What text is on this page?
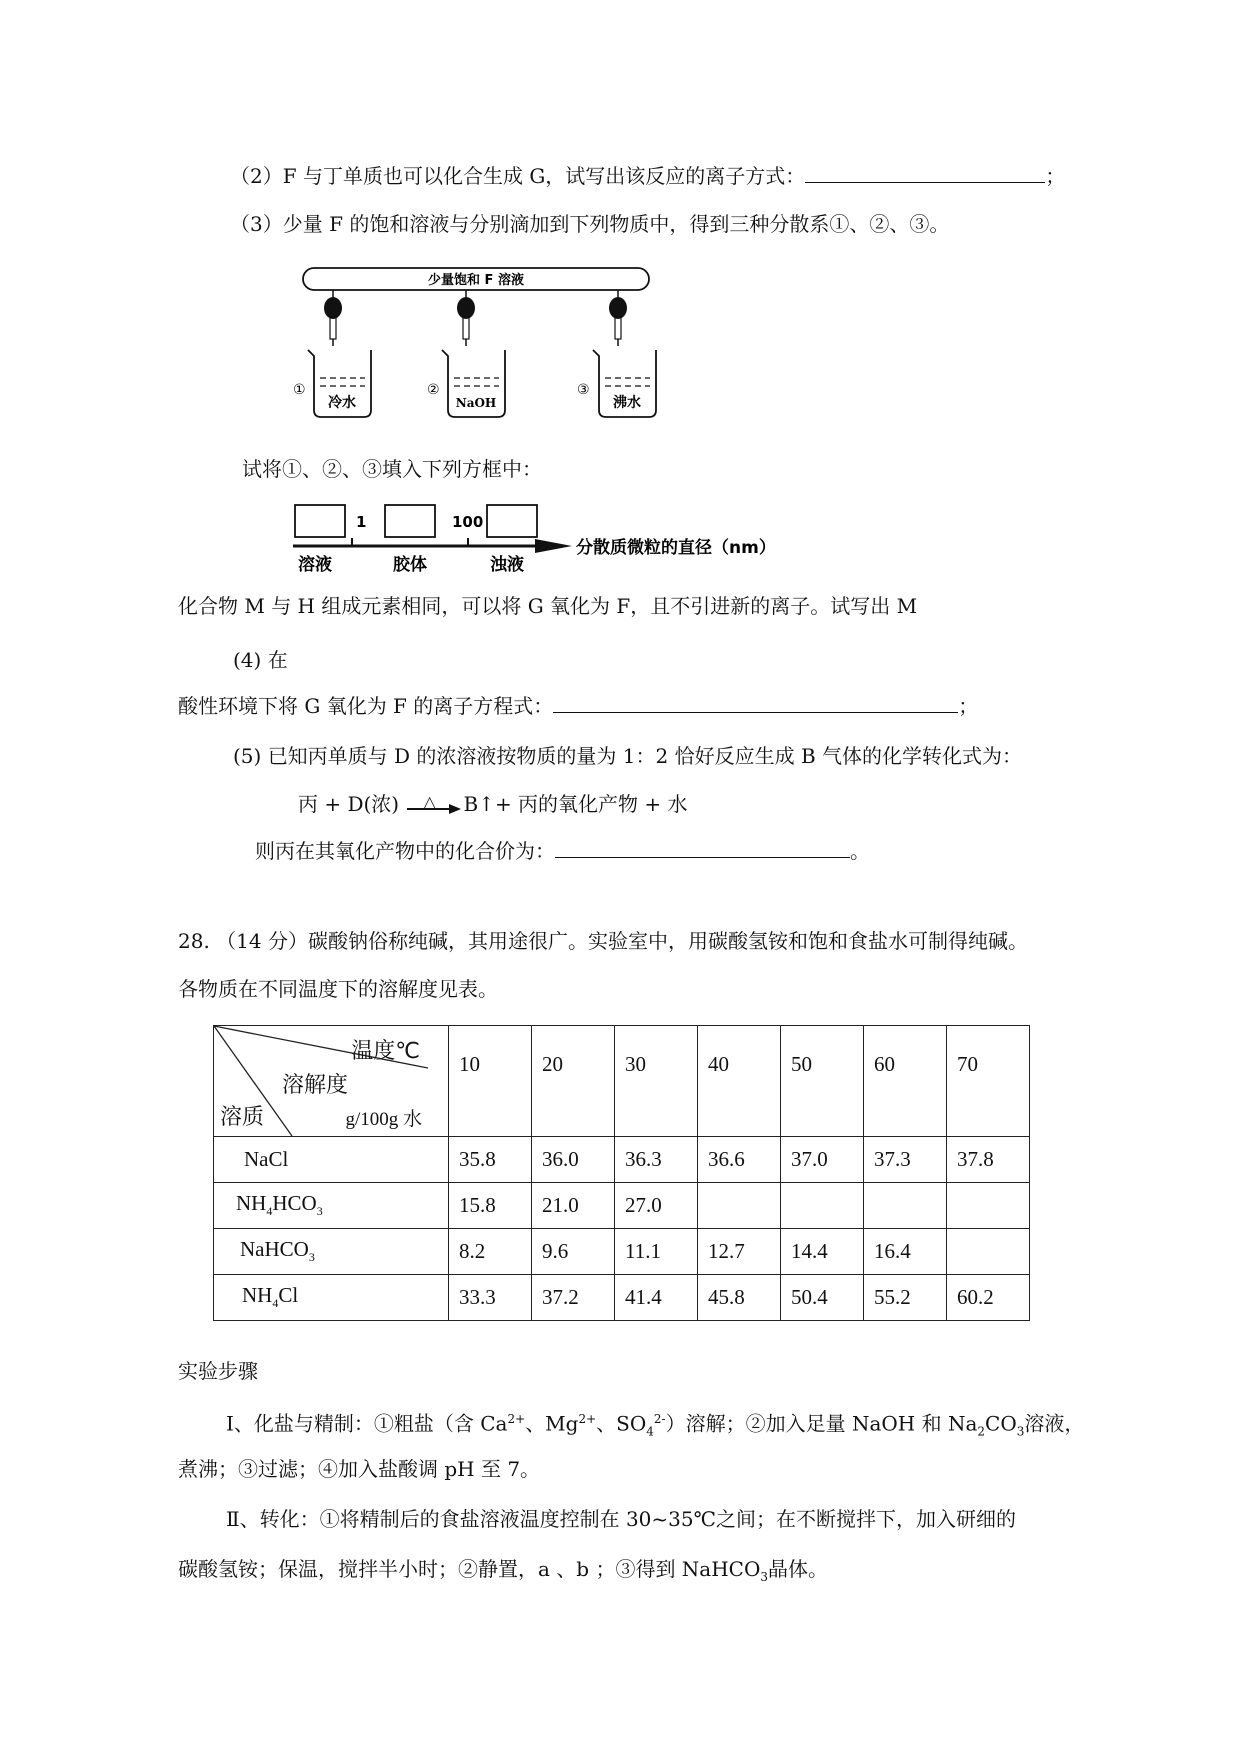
（2）F 与丁单质也可以化合生成 G，试写出该反应的离子方式：	；
（3）少量 F 的饱和溶液与分别滴加到下列物质中，得到三种分散系①、②、③。
少量饱和 F 溶液
①
冷水
②
NaOH
③
沸水
试将①、②、③填入下列方框中：
1	100
溶液	胶体	浊液
分散质微粒的直径（nm）
化合物 M 与 H 组成元素相同，可以将 G 氧化为 F，且不引进新的离子。试写出 M
(4) 在
酸性环境下将 G 氧化为 F 的离子方程式：	；
(5) 已知丙单质与 D 的浓溶液按物质的量为 1：2 恰好反应生成 B 气体的化学转化式为：
丙 + D(浓) △ B↑+ 丙的氧化产物 + 水
则丙在其氧化产物中的化合价为：	。
28. （14 分）碳酸钠俗称纯碱，其用途很广。实验室中，用碳酸氢铵和饱和食盐水可制得纯碱。
各物质在不同温度下的溶解度见表。
温度℃
溶解度
g/100g 水
溶质	10	20	30	40	50	60	70
NaCl	35.8	36.0	36.3	36.6	37.0	37.3	37.8
$NH_4HCO_3$	15.8	21.0	27.0				
NaHCO$_3$	8.2	9.6	11.1	12.7	14.4	16.4	
$NH_4Cl$	33.3	37.2	41.4	45.8	50.4	55.2	60.2
实验步骤
Ⅰ、化盐与精制：①粗盐（含 $Ca^{2+}$、$Mg^{2+}$、$SO_4^{2-}$）溶解；②加入足量 NaOH 和 $Na_2CO_3$溶液，
煮沸；③过滤；④加入盐酸调 pH 至 7。
Ⅱ、转化：①将精制后的食盐溶液温度控制在 30~35℃之间；在不断搅拌下，加入研细的
碳酸氢铵；保温，搅拌半小时；②静置，a 、b ；③得到 NaHCO$_3$晶体。
